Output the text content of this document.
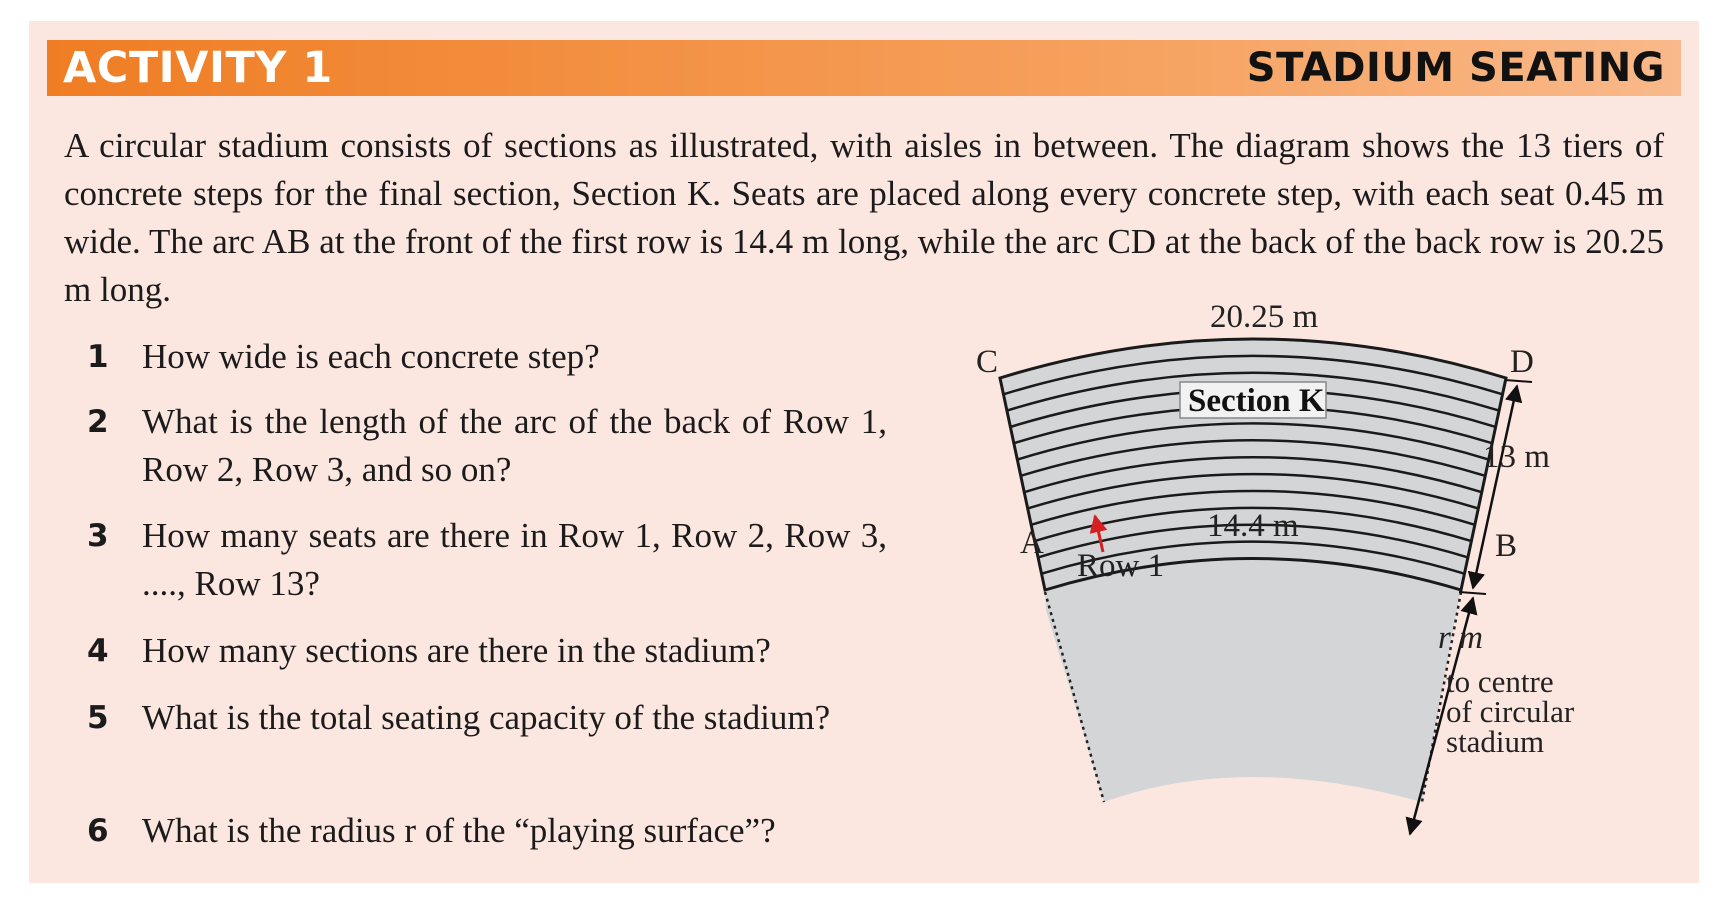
ACTIVITY 1	STADIUM SEATING

A circular stadium consists of sections as illustrated, with aisles in between. The diagram shows the 13 tiers of concrete steps for the final section, Section K. Seats are placed along every concrete step, with each seat 0.45 m wide. The arc AB at the front of the first row is 14.4 m long, while the arc CD at the back of the back row is 20.25 m long.

1 How wide is each concrete step?
2 What is the length of the arc of the back of Row 1, Row 2, Row 3, and so on?
3 How many seats are there in Row 1, Row 2, Row 3, ...., Row 13?
4 How many sections are there in the stadium?
5 What is the total seating capacity of the stadium?
6 What is the radius r of the “playing surface”?
20.25 m
C	D
Section K
14.4 m
A	B
Row 1
13 m
r m
to centre
of circular
stadium
